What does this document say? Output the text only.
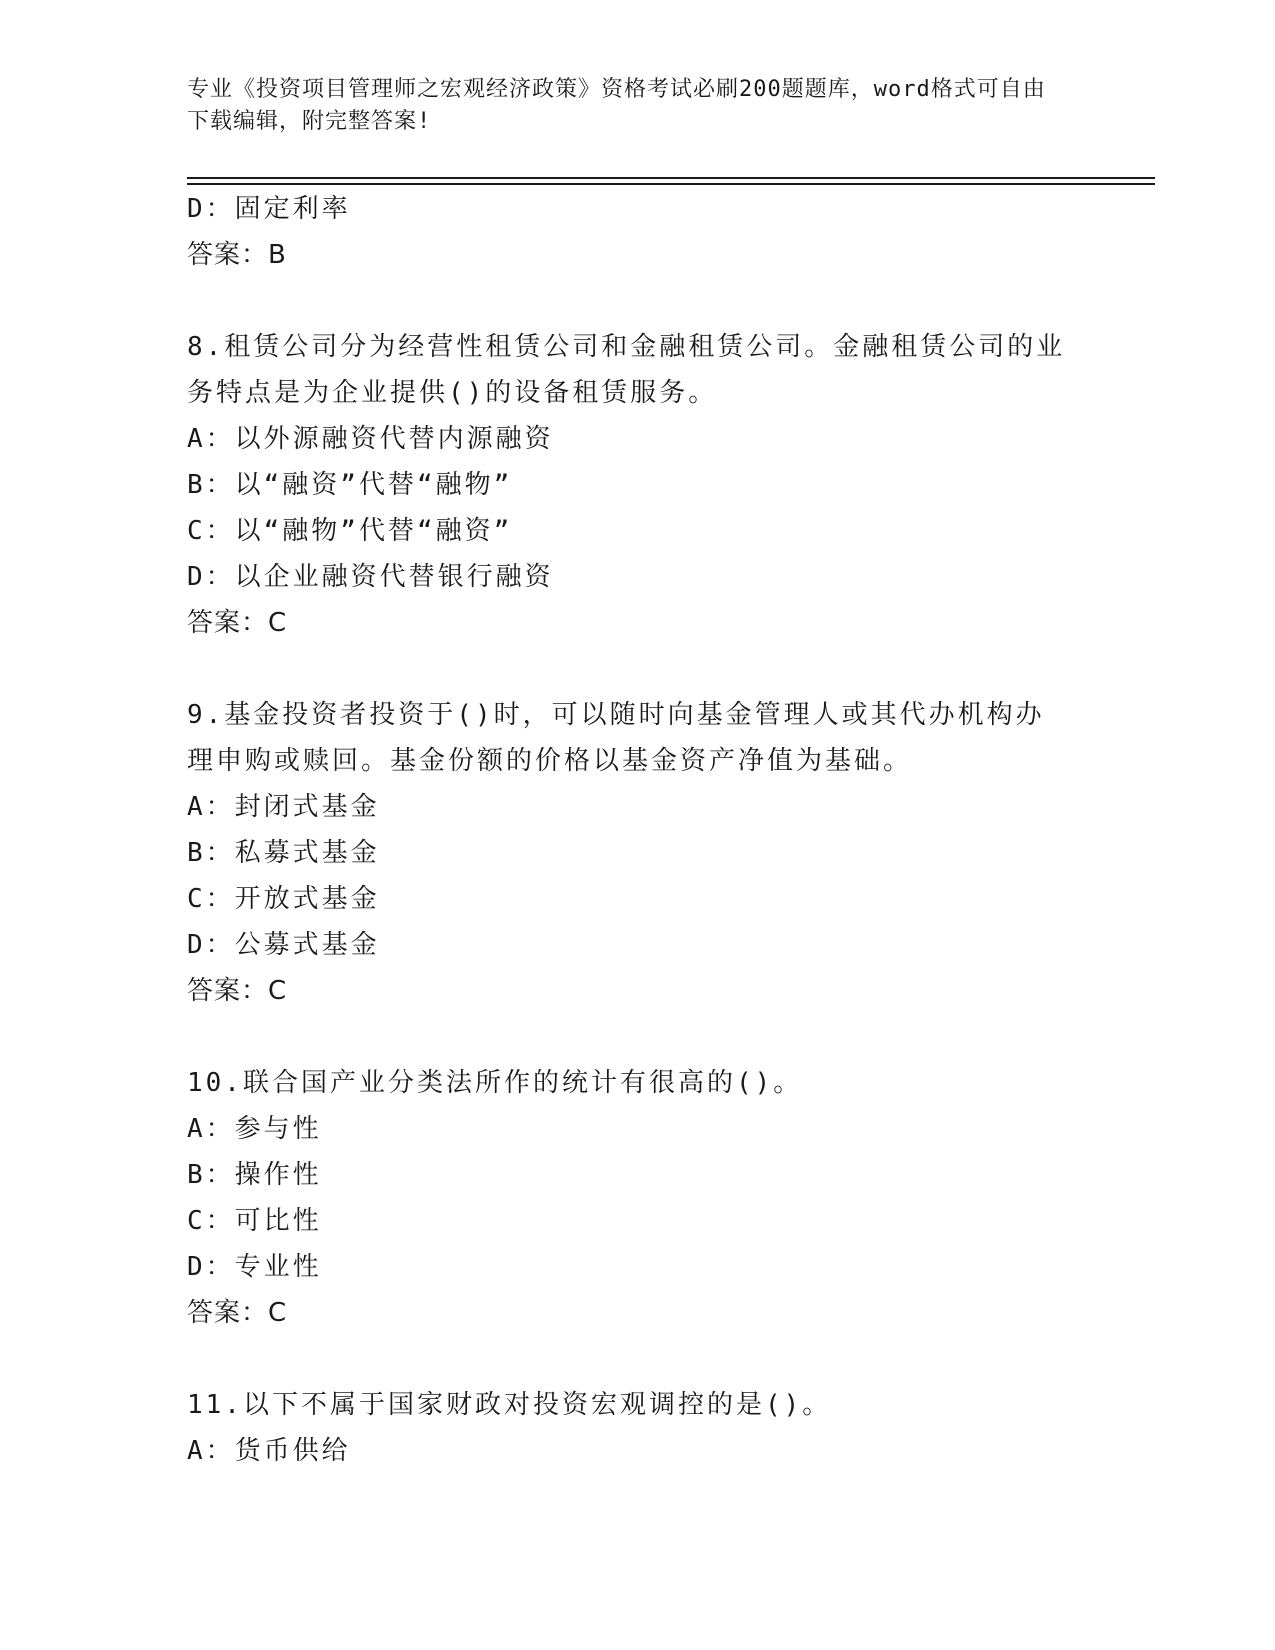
专业《投资项目管理师之宏观经济政策》资格考试必刷200题题库，word格式可自由下载编辑，附完整答案!
D：固定利率
答案：B
8.租赁公司分为经营性租赁公司和金融租赁公司。金融租赁公司的业务特点是为企业提供()的设备租赁服务。
A：以外源融资代替内源融资
B：以“融资”代替“融物”
C：以“融物”代替“融资”
D：以企业融资代替银行融资
答案：C
9.基金投资者投资于()时，可以随时向基金管理人或其代办机构办理申购或赎回。基金份额的价格以基金资产净值为基础。
A：封闭式基金
B：私募式基金
C：开放式基金
D：公募式基金
答案：C
10.联合国产业分类法所作的统计有很高的()。
A：参与性
B：操作性
C：可比性
D：专业性
答案：C
11.以下不属于国家财政对投资宏观调控的是()。
A：货币供给
